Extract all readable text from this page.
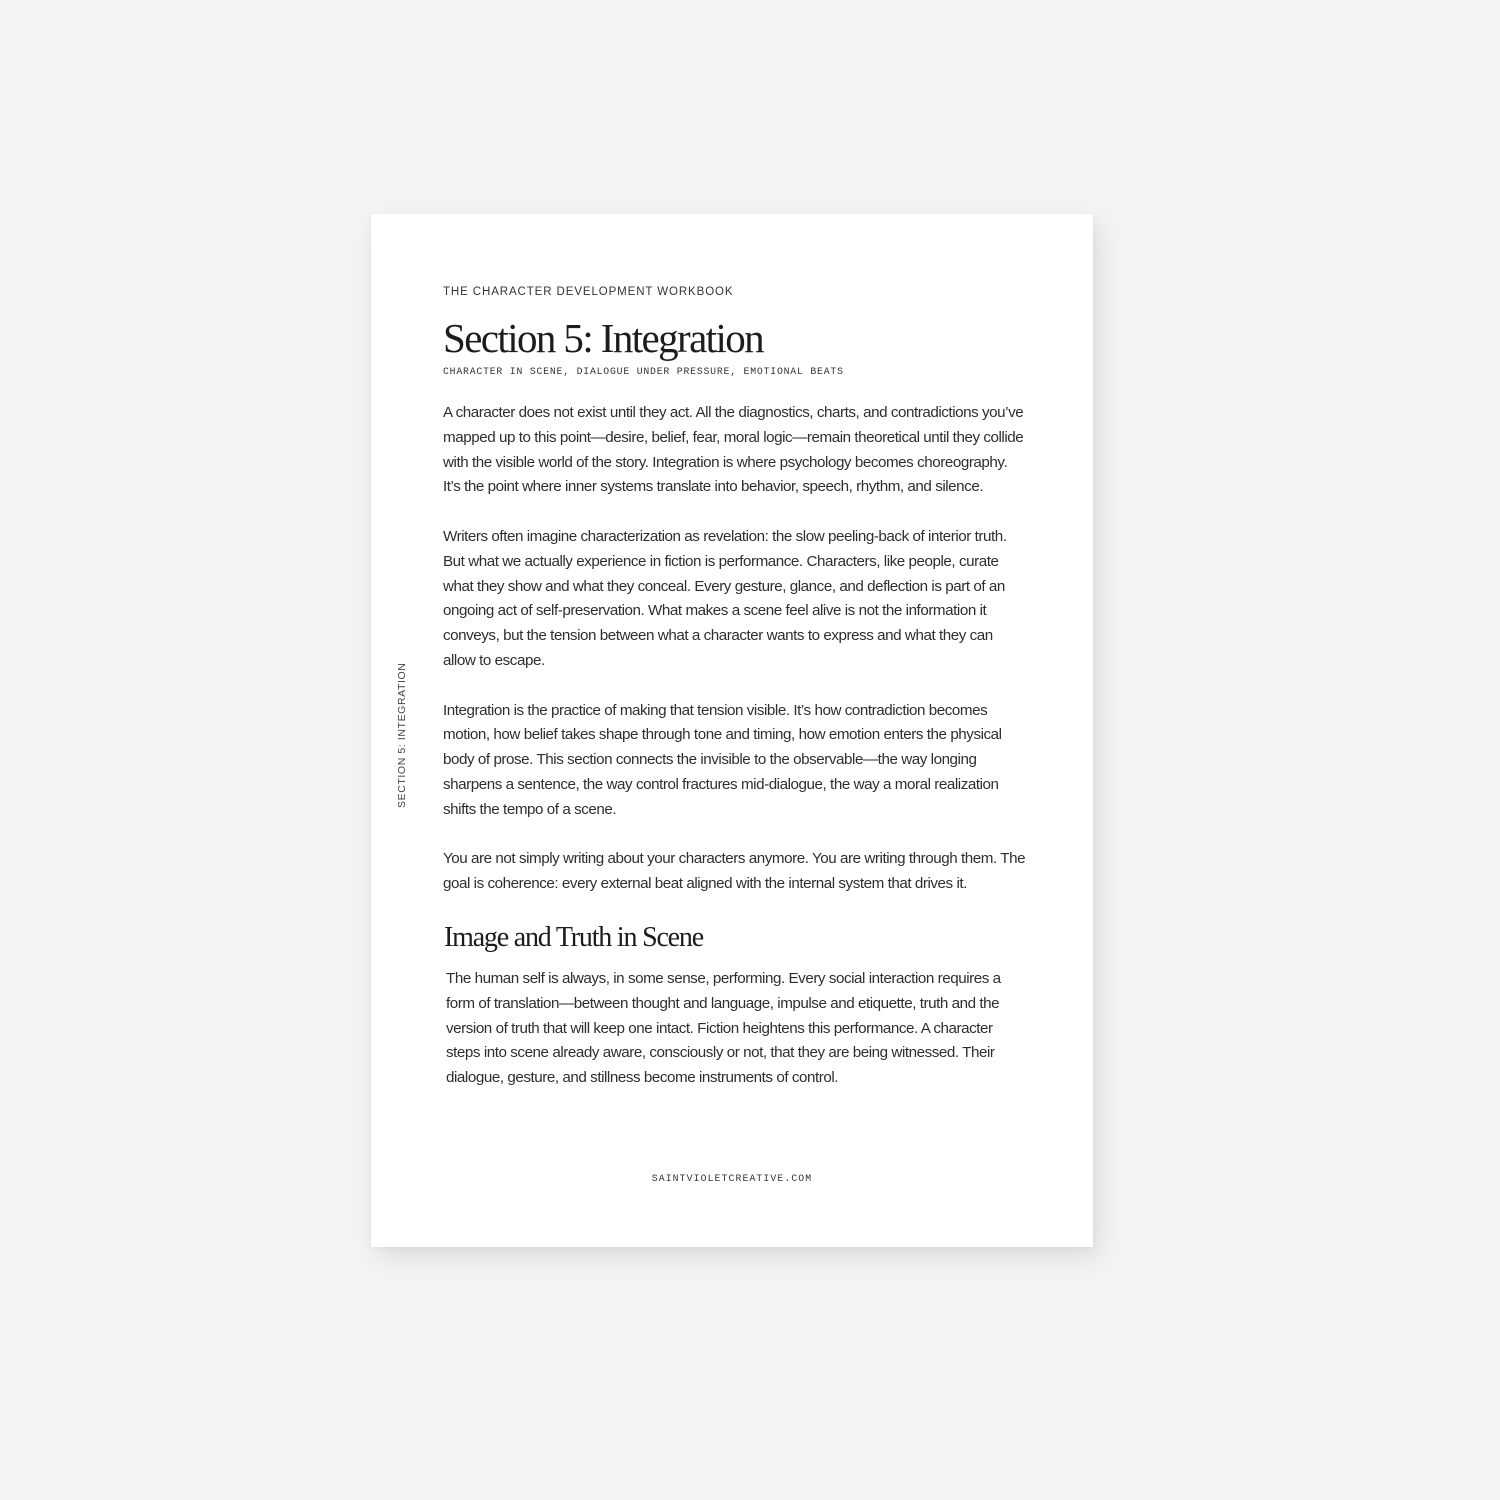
SECTION 5: INTEGRATION

THE CHARACTER DEVELOPMENT WORKBOOK

Section 5: Integration

CHARACTER IN SCENE, DIALOGUE UNDER PRESSURE, EMOTIONAL BEATS

A character does not exist until they act. All the diagnostics, charts, and contradictions you’ve mapped up to this point—desire, belief, fear, moral logic—remain theoretical until they collide with the visible world of the story. Integration is where psychology becomes choreography. It’s the point where inner systems translate into behavior, speech, rhythm, and silence.

Writers often imagine characterization as revelation: the slow peeling-back of interior truth. But what we actually experience in fiction is performance. Characters, like people, curate what they show and what they conceal. Every gesture, glance, and deflection is part of an ongoing act of self-preservation. What makes a scene feel alive is not the information it conveys, but the tension between what a character wants to express and what they can allow to escape.

Integration is the practice of making that tension visible. It’s how contradiction becomes motion, how belief takes shape through tone and timing, how emotion enters the physical body of prose. This section connects the invisible to the observable—the way longing sharpens a sentence, the way control fractures mid-dialogue, the way a moral realization shifts the tempo of a scene.

You are not simply writing about your characters anymore. You are writing through them. The goal is coherence: every external beat aligned with the internal system that drives it.

Image and Truth in Scene

The human self is always, in some sense, performing. Every social interaction requires a form of translation—between thought and language, impulse and etiquette, truth and the version of truth that will keep one intact. Fiction heightens this performance. A character steps into scene already aware, consciously or not, that they are being witnessed. Their dialogue, gesture, and stillness become instruments of control.

SAINTVIOLETCREATIVE.COM
